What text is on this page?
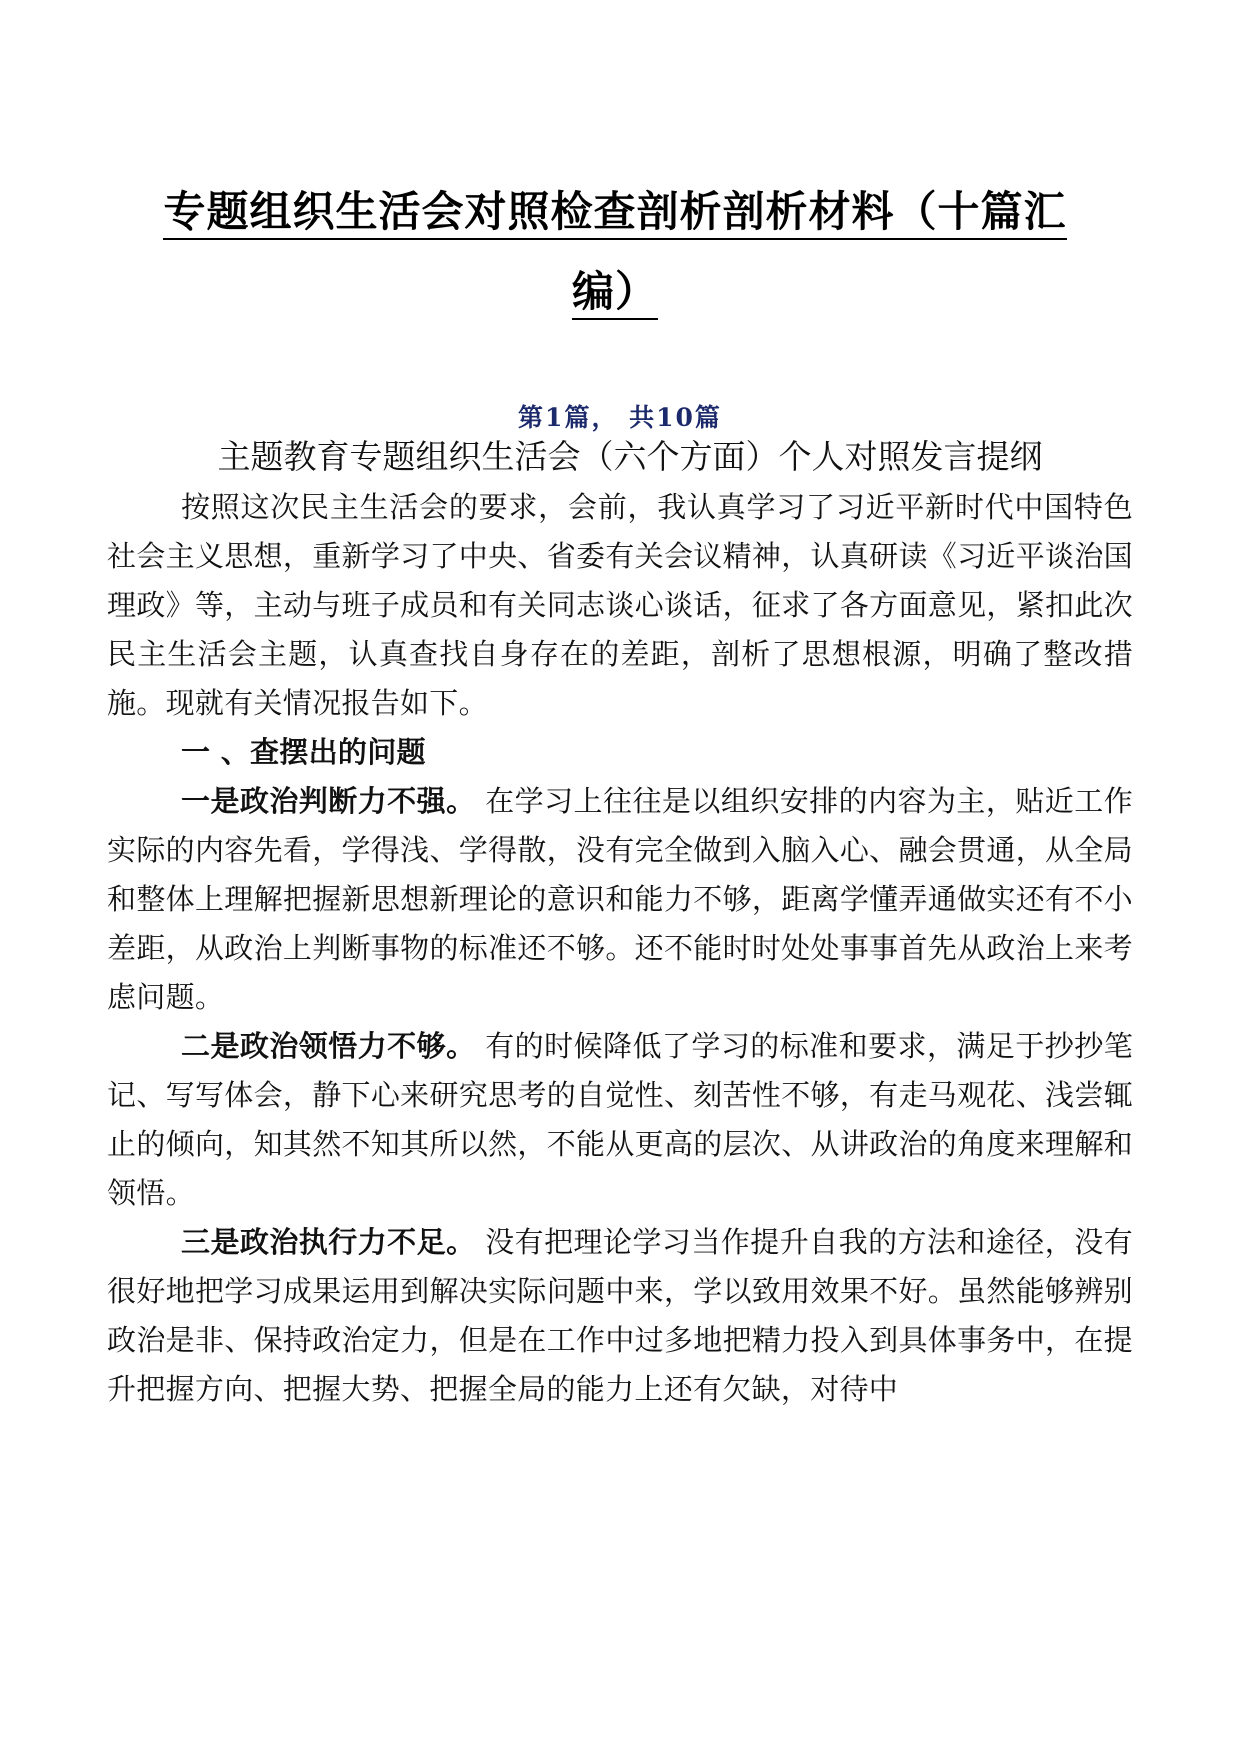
专题组织生活会对照检查剖析剖析材料（十篇汇编）
第1篇， 共10篇
主题教育专题组织生活会（六个方面）个人对照发言提纲

按照这次民主生活会的要求，会前，我认真学习了习近平新时代中国特色社会主义思想，重新学习了中央、省委有关会议精神，认真研读《习近平谈治国理政》等，主动与班子成员和有关同志谈心谈话，征求了各方面意见，紧扣此次民主生活会主题，认真查找自身存在的差距，剖析了思想根源，明确了整改措施。现就有关情况报告如下。

一 、查摆出的问题

一是政治判断力不强。 在学习上往往是以组织安排的内容为主，贴近工作实际的内容先看，学得浅、学得散，没有完全做到入脑入心、融会贯通，从全局和整体上理解把握新思想新理论的意识和能力不够，距离学懂弄通做实还有不小差距，从政治上判断事物的标准还不够。还不能时时处处事事首先从政治上来考虑问题。

二是政治领悟力不够。 有的时候降低了学习的标准和要求，满足于抄抄笔记、写写体会，静下心来研究思考的自觉性、刻苦性不够，有走马观花、浅尝辄止的倾向，知其然不知其所以然，不能从更高的层次、从讲政治的角度来理解和领悟。

三是政治执行力不足。 没有把理论学习当作提升自我的方法和途径，没有很好地把学习成果运用到解决实际问题中来，学以致用效果不好。虽然能够辨别政治是非、保持政治定力，但是在工作中过多地把精力投入到具体事务中，在提升把握方向、把握大势、把握全局的能力上还有欠缺，对待中
